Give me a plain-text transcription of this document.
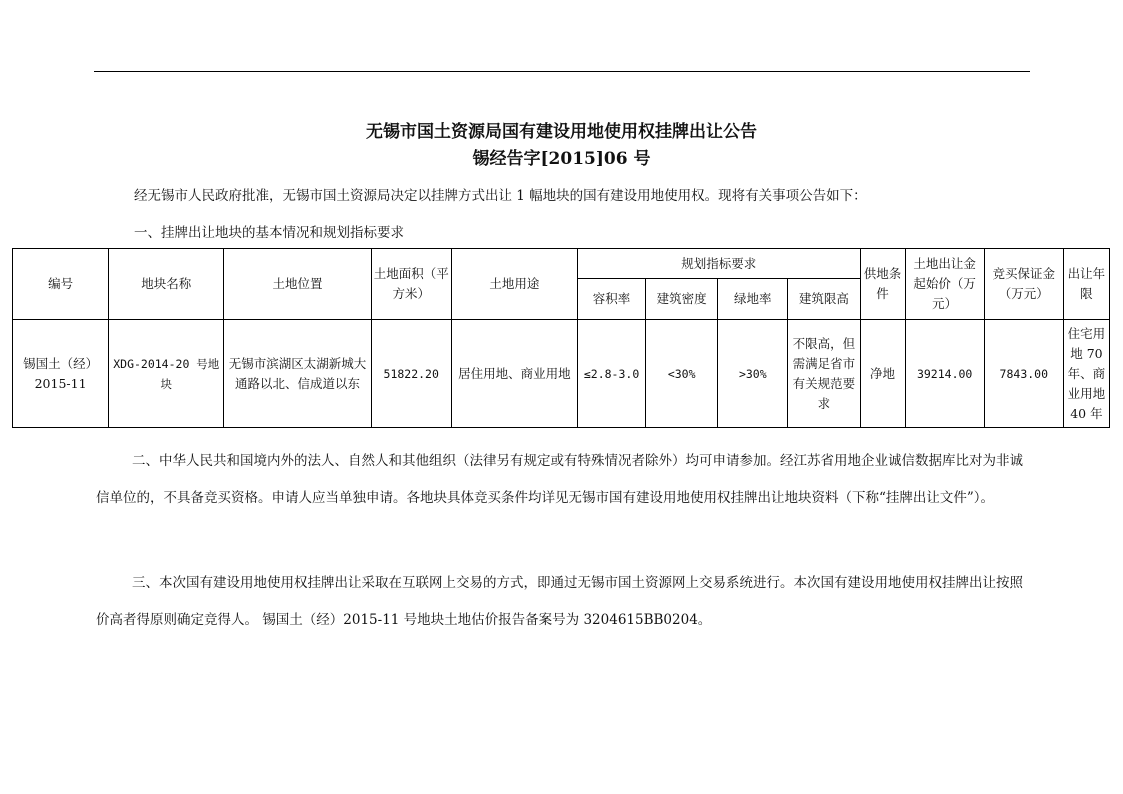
无锡市国土资源局国有建设用地使用权挂牌出让公告
锡经告字[2015]06 号

经无锡市人民政府批准，无锡市国土资源局决定以挂牌方式出让 1 幅地块的国有建设用地使用权。现将有关事项公告如下：

一、挂牌出让地块的基本情况和规划指标要求

编号	地块名称	土地位置	土地面积（平方米）	土地用途	规划指标要求				供地条件	土地出让金起始价（万元）	竞买保证金（万元）	出让年限
					容积率	建筑密度	绿地率	建筑限高				
锡国土（经）2015-11	XDG-2014-20 号地块	无锡市滨湖区太湖新城大通路以北、信成道以东	51822.20	居住用地、商业用地	≤2.8-3.0	<30%	>30%	不限高，但需满足省市有关规范要求	净地	39214.00	7843.00	住宅用地 70 年、商业用地 40 年

二、中华人民共和国境内外的法人、自然人和其他组织（法律另有规定或有特殊情况者除外）均可申请参加。经江苏省用地企业诚信数据库比对为非诚信单位的，不具备竞买资格。申请人应当单独申请。各地块具体竞买条件均详见无锡市国有建设用地使用权挂牌出让地块资料（下称“挂牌出让文件”）。

三、本次国有建设用地使用权挂牌出让采取在互联网上交易的方式，即通过无锡市国土资源网上交易系统进行。本次国有建设用地使用权挂牌出让按照价高者得原则确定竞得人。 锡国土（经）2015-11 号地块土地估价报告备案号为 3204615BB0204。
